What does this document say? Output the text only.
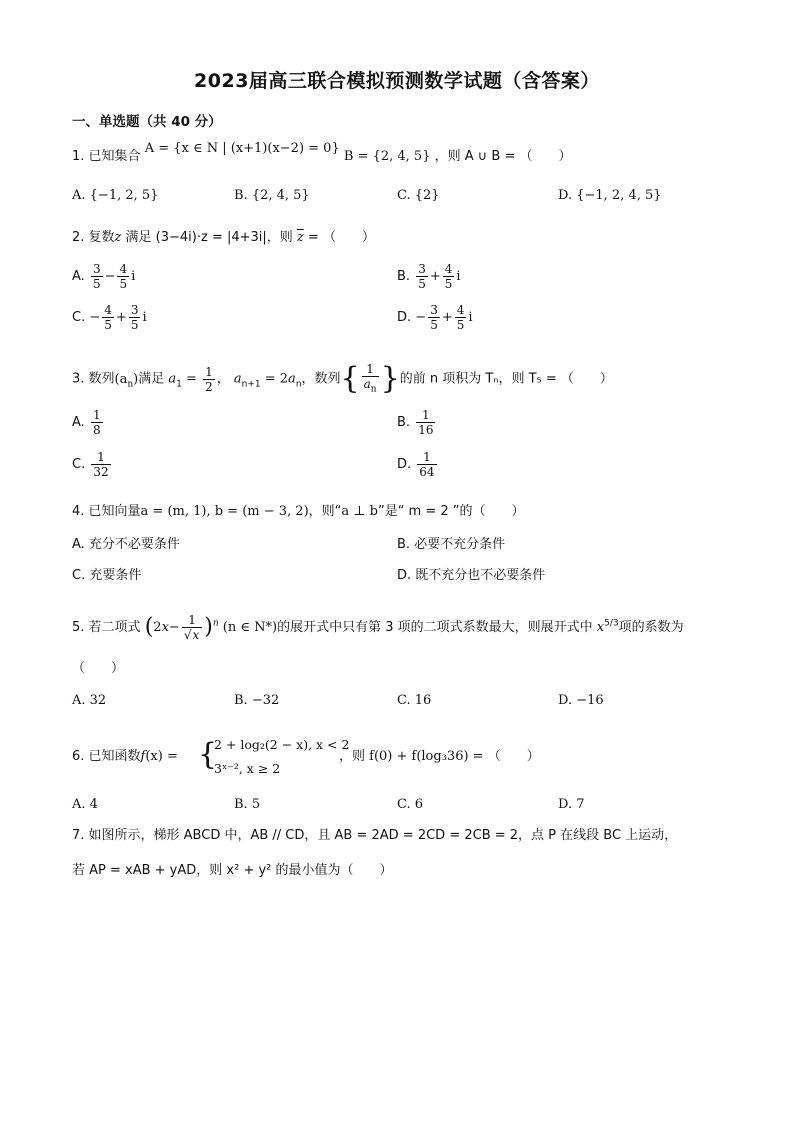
2023届高三联合模拟预测数学试题（含答案）
一、单选题（共 40 分）
1. 已知集合 A = {x ∈ N | (x+1)(x−2) = 0} B = {2, 4, 5} ，则 A ∪ B = （　　）
A. {−1, 2, 5}	B. {2, 4, 5}	C. {2}	D. {−1, 2, 4, 5}
2. 复数z 满足 (3−4i)·z = |4+3i|，则 $\overline{z}$ = （　　）
A. $\frac{3}{5} - \frac{4}{5}$ i	B. $\frac{3}{5} + \frac{4}{5}$ i
C. − $\frac{4}{5} + \frac{3}{5}$ i	D. − $\frac{3}{5} + \frac{4}{5}$ i
3. 数列$(a_n)$满足 $a_1 = \frac{1}{2}$ ， $a_{n+1} = 2a_n$，数列{ $\frac{1}{a_n}$ }的前 n 项积为 Tₙ，则 T₅ = （　　）
A. $\frac{1}{8}$	B. $\frac{1}{16}$
C. $\frac{1}{32}$	D. $\frac{1}{64}$
4. 已知向量a = (m, 1), b = (m − 3, 2)，则“a ⊥ b”是“ m = 2 ”的（　　）
A. 充分不必要条件	B. 必要不充分条件
C. 充要条件	D. 既不充分也不必要条件
5. 若二项式 $(2x- \frac{1}{√x} )^n$ (n ∈ N*)的展开式中只有第 3 项的二项式系数最大，则展开式中 $x^{5/3}$项的系数为
（　　）
A. 32	B. −32	C. 16	D. −16
6. 已知函数f(x) = {
2 + log₂(2 − x), x < 2
3ˣ⁻², x ≥ 2
，则 f(0) + f(log₃36) = （　　）
A. 4	B. 5	C. 6	D. 7
7. 如图所示，梯形 ABCD 中，AB // CD，且 AB = 2AD = 2CD = 2CB = 2，点 P 在线段 BC 上运动，
若 AP = xAB + yAD，则 x² + y² 的最小值为（　　）
